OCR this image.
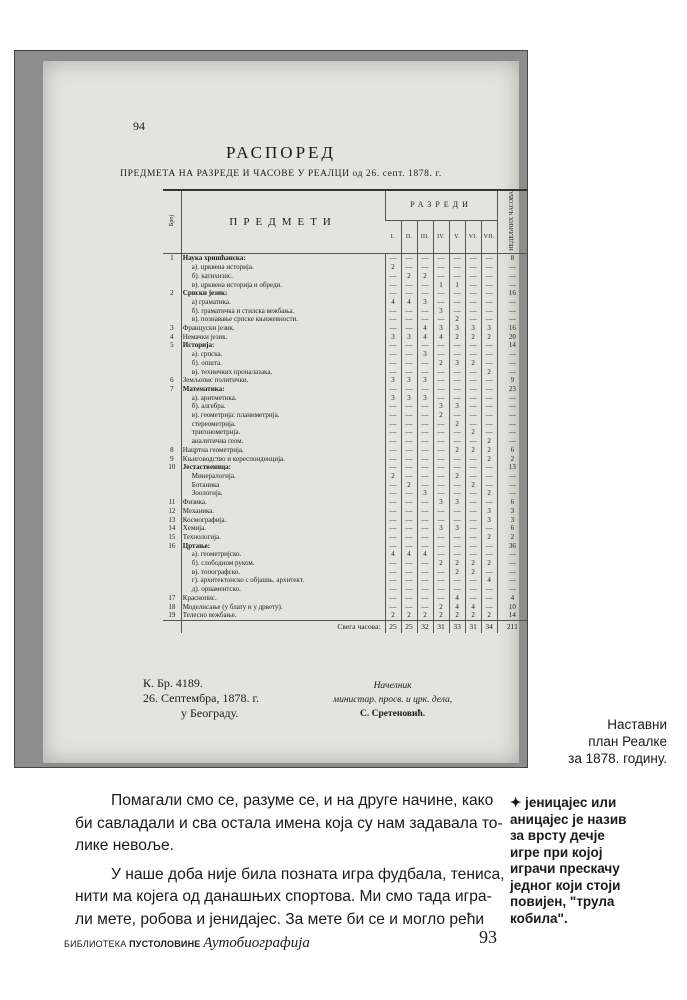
94
РАСПОРЕД
ПРЕДМЕТА НА РАЗРЕДЕ И ЧАСОВЕ У РЕАЛЦИ од 26. септ. 1878. г.
Број	ПРЕДМЕТИ	РАЗРЕДИ							НЕДЕЉНИХ ЧАСОВА
		I.	II.	III.	IV.	V.	VI.	VII.	
1	Наука хришћанска:	—	—	—	—	—	—	—	8
	а). црквена историја.	2	—	—	—	—	—	—	—
	б). катихизис.	—	2	2	—	—	—	—	—
	в). црквена историја и обреди.	—	—	—	1	1	—	—	—
2	Српски језик:	—	—	—	—	—	—	—	16
	а) граматика.	4	4	3	—	—	—	—	—
	б). граматичка и стилска вежбања.	—	—	—	3	—	—	—	—
	в). познавање српске књижевности.	—	—	—	—	2	—	—	—
3	Француски језик.	—	—	4	3	3	3	3	16
4	Немачки језик.	3	3	4	4	2	2	2	20
5	Историја:	—	—	—	—	—	—	—	14
	а). српска.	—	—	3	—	—	—	—	—
	б). општа.	—	—	—	2	3	2	—	—
	в). техничких проналазака.	—	—	—	—	—	—	2	—
6	Земљопис политички.	3	3	3	—	—	—	—	9
7	Математика:	—	—	—	—	—	—	—	23
	а). аритметика.	3	3	3	—	—	—	—	—
	б). алгебра.	—	—	—	3	3	—	—	—
	в). геометрија: планиметрија.	—	—	—	2	—	—	—	—
	стереометрија.	—	—	—	—	2	—	—	—
	тригонометрија.	—	—	—	—	—	2	—	—
	аналитична геом.	—	—	—	—	—	—	2	—
8	Нацртна геометрија.	—	—	—	—	2	2	2	6
9	Књиговодство и кореспонденција.	—	—	—	—	—	—	2	2
10	Јестаственица:	—	—	—	—	—	—	—	13
	Минералогија.	2	—	—	—	2	—	—	—
	Ботаника	—	2	—	—	—	2	—	—
	Зоологија.	—	—	3	—	—	—	2	—
11	Физика.	—	—	—	3	3	—	—	6
12	Механика.	—	—	—	—	—	—	3	3
13	Космографија.	—	—	—	—	—	—	3	3
14	Хемија.	—	—	—	3	3	—	—	6
15	Технологија.	—	—	—	—	—	—	2	2
16	Цртање:	—	—	—	—	—	—	—	36
	а). геометријско.	4	4	4	—	—	—	—	—
	б). слободном руком.	—	—	—	2	2	2	2	—
	в). топографско.	—	—	—	—	2	2	—	—
	г). архитектонско с објашњ. архитект.	—	—	—	—	—	—	4	—
	д). орнаментско.	—	—	—	—	—	—	—	—
17	Краснопис.	—	—	—	—	4	—	—	4
18	Моделисање (у блату и у дрвету).	—	—	—	2	4	4	—	10
19	Телесно вежбање.	2	2	2	2	2	2	2	14
	Свега часова:	25	25	32	31	33	31	34	211
К. Бр. 4189.
26. Септембра, 1878. г.
у Београду.
Начелник
министар. просв. и црк. дела,
С. Сретеновић.
Наставни
план Реалке
за 1878. годину.
Помагали смо се, разуме се, и на друге начине, како
би савладали и сва остала имена која су нам задавала то-
лике невоље.
У наше доба није била позната игра фудбала, тениса,
нити ма којега од данашњих спортова. Ми смо тада игра-
ли мете, робова и јенидајес. За мете би се и могло рећи
✦ јеницајес или
аницајес је назив
за врсту дечје
игре при којој
играчи прескачу
једног који стоји
повијен, "трула
кобила".
БИБЛИОТЕКА ПУСТОЛОВИНЕ Аутобиографија	93
